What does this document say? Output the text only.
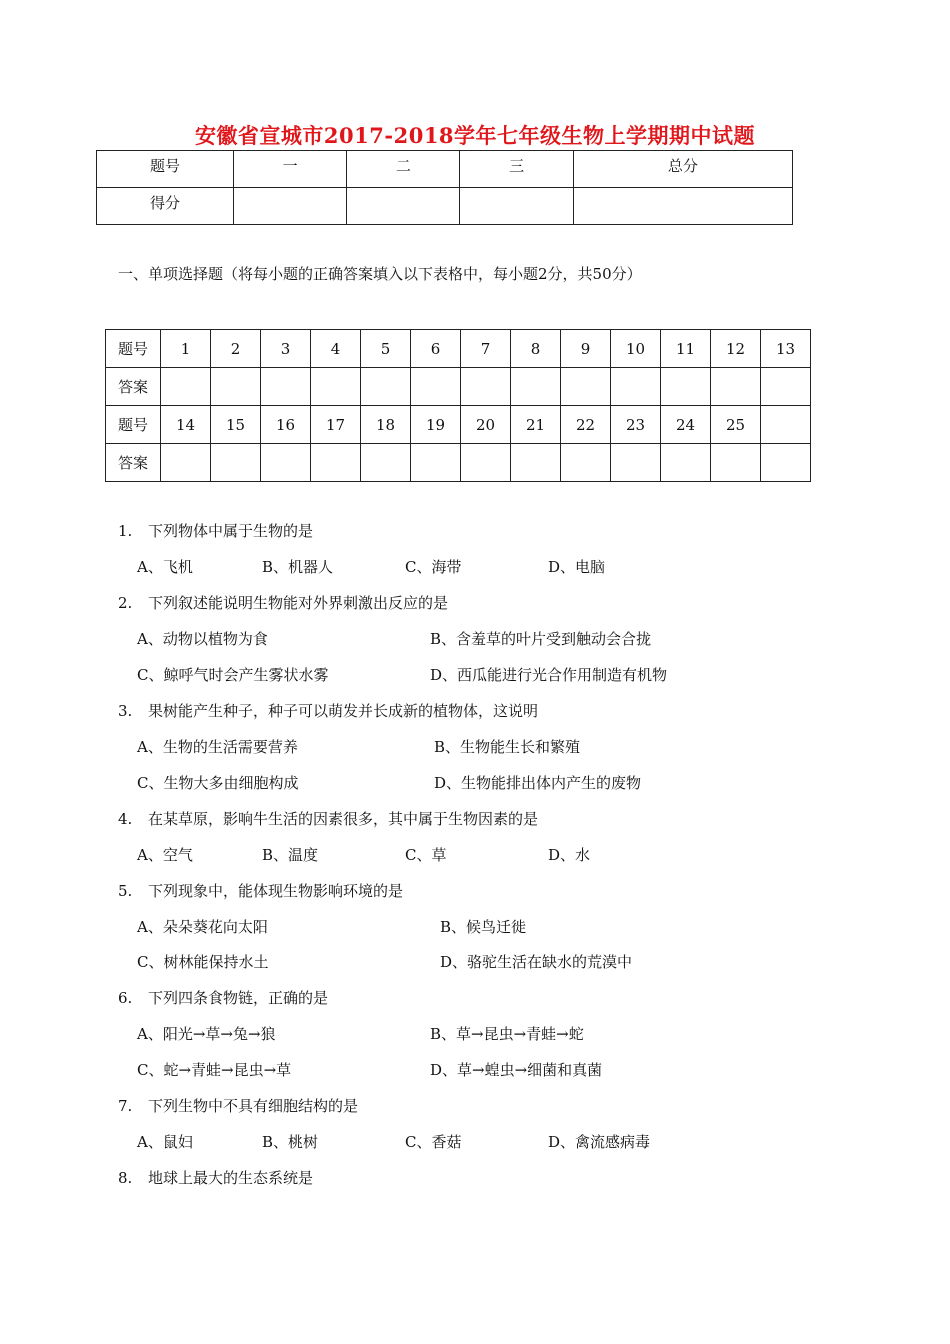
安徽省宣城市2017-2018学年七年级生物上学期期中试题
题号	一	二	三	总分
得分				
一、单项选择题（将每小题的正确答案填入以下表格中，每小题2分，共50分）
题号	1	2	3	4	5	6	7	8	9	10	11	12	13
答案													
题号	14	15	16	17	18	19	20	21	22	23	24	25	
答案													
1. 下列物体中属于生物的是
A、飞机	B、机器人	C、海带	D、电脑
2. 下列叙述能说明生物能对外界刺激出反应的是
A、动物以植物为食	B、含羞草的叶片受到触动会合拢
C、鲸呼气时会产生雾状水雾	D、西瓜能进行光合作用制造有机物
3. 果树能产生种子，种子可以萌发并长成新的植物体，这说明
A、生物的生活需要营养	B、生物能生长和繁殖
C、生物大多由细胞构成	D、生物能排出体内产生的废物
4. 在某草原，影响牛生活的因素很多，其中属于生物因素的是
A、空气	B、温度	C、草	D、水
5. 下列现象中，能体现生物影响环境的是
A、朵朵葵花向太阳	B、候鸟迁徙
C、树林能保持水土	D、骆驼生活在缺水的荒漠中
6. 下列四条食物链，正确的是
A、阳光→草→兔→狼	B、草→昆虫→青蛙→蛇
C、蛇→青蛙→昆虫→草	D、草→蝗虫→细菌和真菌
7. 下列生物中不具有细胞结构的是
A、鼠妇	B、桃树	C、香菇	D、禽流感病毒
8. 地球上最大的生态系统是
